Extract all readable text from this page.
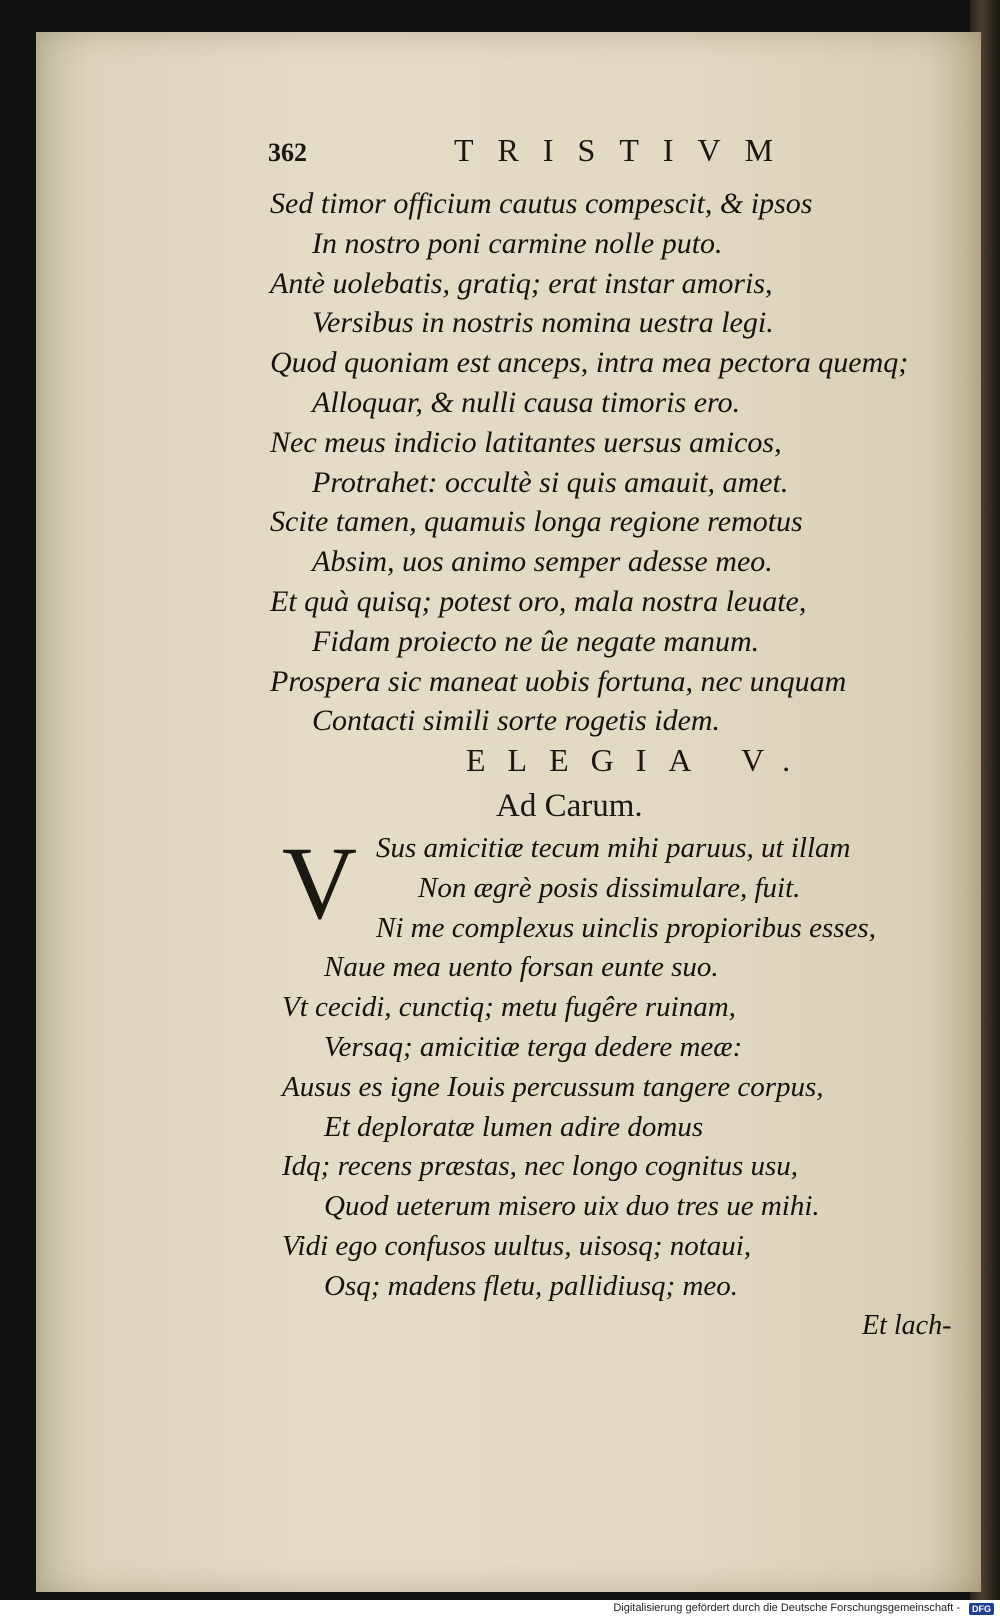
362	TRISTIVM
Sed timor officium cautus compescit, & ipsos
In nostro poni carmine nolle puto.
Antè uolebatis, gratiq; erat instar amoris,
Versibus in nostris nomina uestra legi.
Quod quoniam est anceps, intra mea pectora quemq;
Alloquar, & nulli causa timoris ero.
Nec meus indicio latitantes uersus amicos,
Protrahet: occultè si quis amauit, amet.
Scite tamen, quamuis longa regione remotus
Absim, uos animo semper adesse meo.
Et quà quisq; potest oro, mala nostra leuate,
Fidam proiecto ne ûe negate manum.
Prospera sic maneat uobis fortuna, nec unquam
Contacti simili sorte rogetis idem.
ELEGIA V.
Ad Carum.
V Sus amicitiæ tecum mihi paruus, ut illam
Non ægrè posis dissimulare, fuit.
Ni me complexus uinclis propioribus esses,
Naue mea uento forsan eunte suo.
Vt cecidi, cunctiq; metu fugêre ruinam,
Versaq; amicitiæ terga dedere meæ:
Ausus es igne Iouis percussum tangere corpus,
Et deploratæ lumen adire domus
Idq; recens præstas, nec longo cognitus usu,
Quod ueterum misero uix duo tres ue mihi.
Vidi ego confusos uultus, uisosq; notaui,
Osq; madens fletu, pallidiusq; meo.
Et lach-
Digitalisierung gefördert durch die Deutsche Forschungsgemeinschaft -	DFG
